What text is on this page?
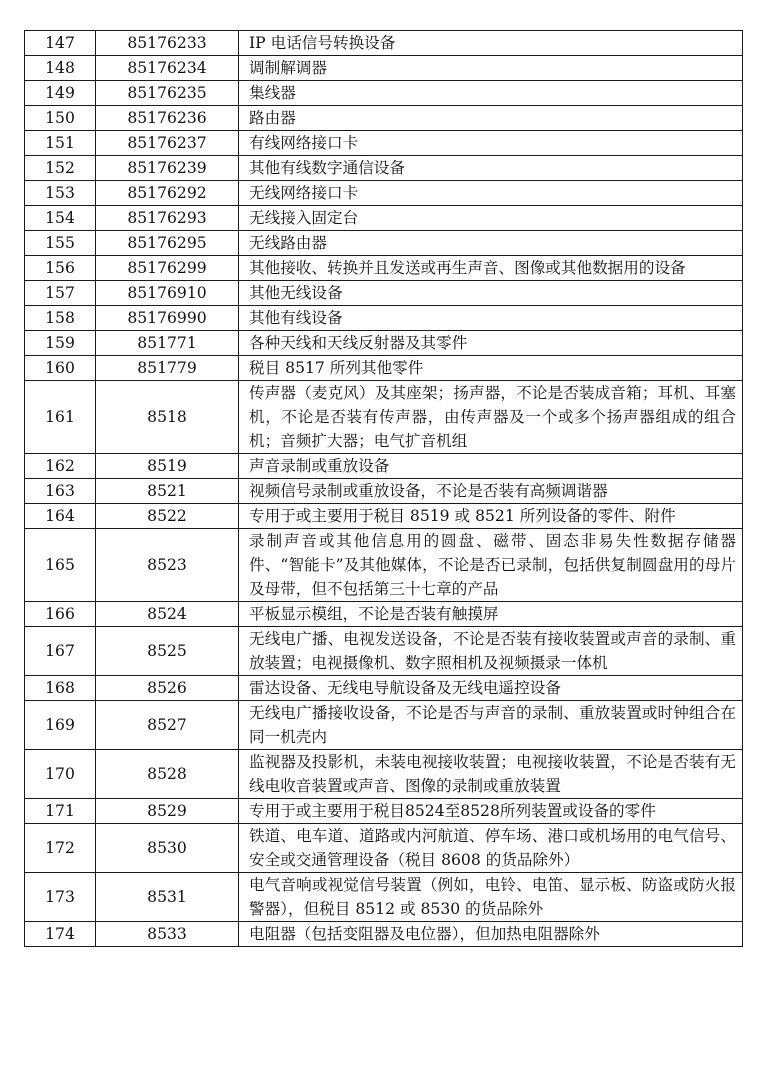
147	85176233	IP 电话信号转换设备
148	85176234	调制解调器
149	85176235	集线器
150	85176236	路由器
151	85176237	有线网络接口卡
152	85176239	其他有线数字通信设备
153	85176292	无线网络接口卡
154	85176293	无线接入固定台
155	85176295	无线路由器
156	85176299	其他接收、转换并且发送或再生声音、图像或其他数据用的设备
157	85176910	其他无线设备
158	85176990	其他有线设备
159	851771	各种天线和天线反射器及其零件
160	851779	税目 8517 所列其他零件
161	8518	传声器（麦克风）及其座架；扬声器，不论是否装成音箱；耳机、耳塞机，不论是否装有传声器，由传声器及一个或多个扬声器组成的组合机；音频扩大器；电气扩音机组
162	8519	声音录制或重放设备
163	8521	视频信号录制或重放设备，不论是否装有高频调谐器
164	8522	专用于或主要用于税目 8519 或 8521 所列设备的零件、附件
165	8523	录制声音或其他信息用的圆盘、磁带、固态非易失性数据存储器件、“智能卡”及其他媒体，不论是否已录制，包括供复制圆盘用的母片及母带，但不包括第三十七章的产品
166	8524	平板显示模组，不论是否装有触摸屏
167	8525	无线电广播、电视发送设备，不论是否装有接收装置或声音的录制、重放装置；电视摄像机、数字照相机及视频摄录一体机
168	8526	雷达设备、无线电导航设备及无线电遥控设备
169	8527	无线电广播接收设备，不论是否与声音的录制、重放装置或时钟组合在同一机壳内
170	8528	监视器及投影机，未装电视接收装置；电视接收装置，不论是否装有无线电收音装置或声音、图像的录制或重放装置
171	8529	专用于或主要用于税目8524至8528所列装置或设备的零件
172	8530	铁道、电车道、道路或内河航道、停车场、港口或机场用的电气信号、安全或交通管理设备（税目 8608 的货品除外）
173	8531	电气音响或视觉信号装置（例如，电铃、电笛、显示板、防盗或防火报警器），但税目 8512 或 8530 的货品除外
174	8533	电阻器（包括变阻器及电位器），但加热电阻器除外
